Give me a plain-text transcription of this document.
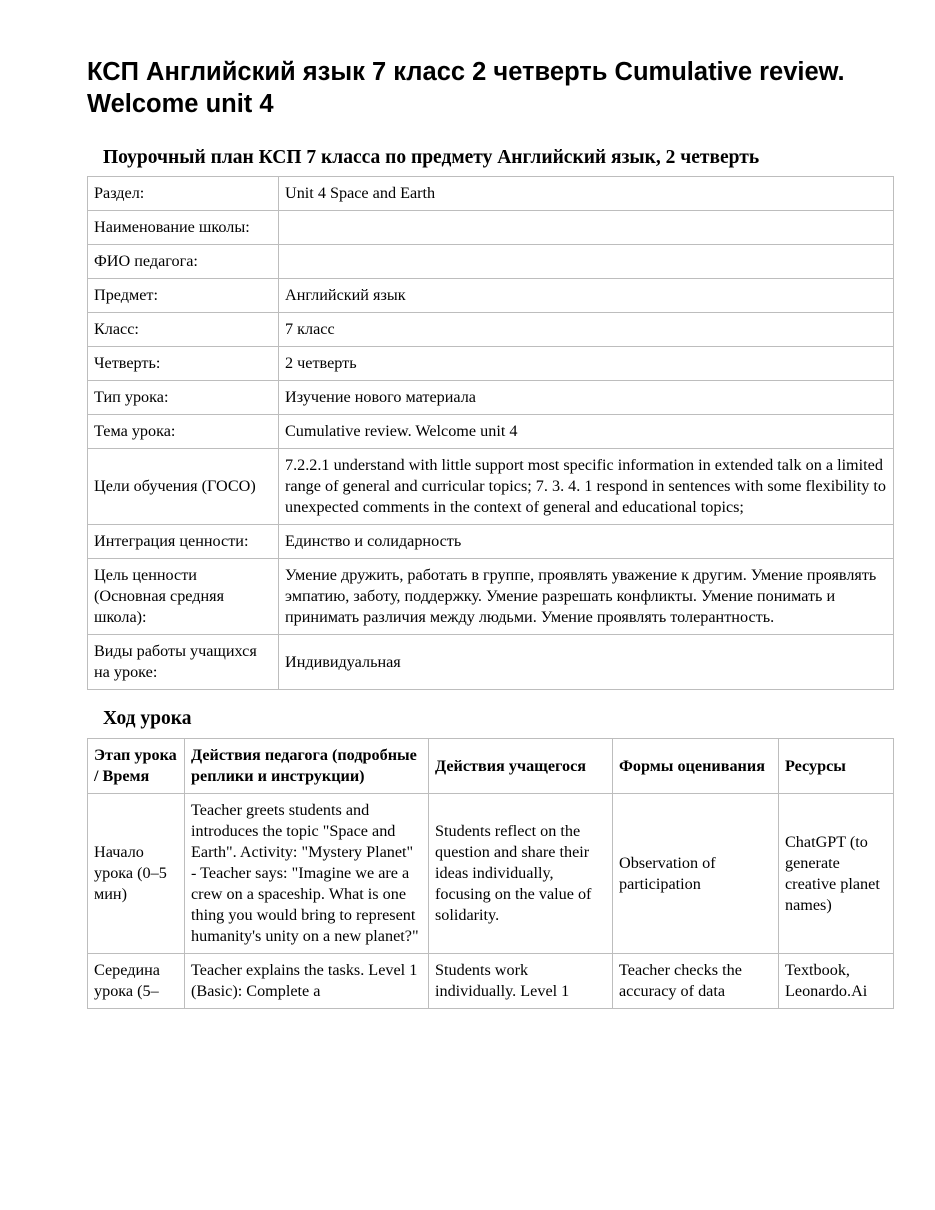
КСП Английский язык 7 класс 2 четверть Cumulative review. Welcome unit 4
Поурочный план КСП 7 класса по предмету Английский язык, 2 четверть
Раздел:	Unit 4 Space and Earth
Наименование школы:	
ФИО педагога:	
Предмет:	Английский язык
Класс:	7 класс
Четверть:	2 четверть
Тип урока:	Изучение нового материала
Тема урока:	Cumulative review. Welcome unit 4
Цели обучения (ГОСО)	7.2.2.1 understand with little support most specific information in extended talk on a limited range of general and curricular topics; 7. 3. 4. 1 respond in sentences with some flexibility to unexpected comments in the context of general and educational topics;
Интеграция ценности:	Единство и солидарность
Цель ценности (Основная средняя школа):	Умение дружить, работать в группе, проявлять уважение к другим. Умение проявлять эмпатию, заботу, поддержку. Умение разрешать конфликты. Умение понимать и принимать различия между людьми. Умение проявлять толерантность.
Виды работы учащихся на уроке:	Индивидуальная
Ход урока
Этап урока / Время	Действия педагога (подробные реплики и инструкции)	Действия учащегося	Формы оценивания	Ресурсы
Начало урока (0–5 мин)	Teacher greets students and introduces the topic "Space and Earth". Activity: "Mystery Planet" - Teacher says: "Imagine we are a crew on a spaceship. What is one thing you would bring to represent humanity's unity on a new planet?"	Students reflect on the question and share their ideas individually, focusing on the value of solidarity.	Observation of participation	ChatGPT (to generate creative planet names)
Середина урока (5–	Teacher explains the tasks. Level 1 (Basic): Complete a	Students work individually. Level 1	Teacher checks the accuracy of data	Textbook, Leonardo.Ai
